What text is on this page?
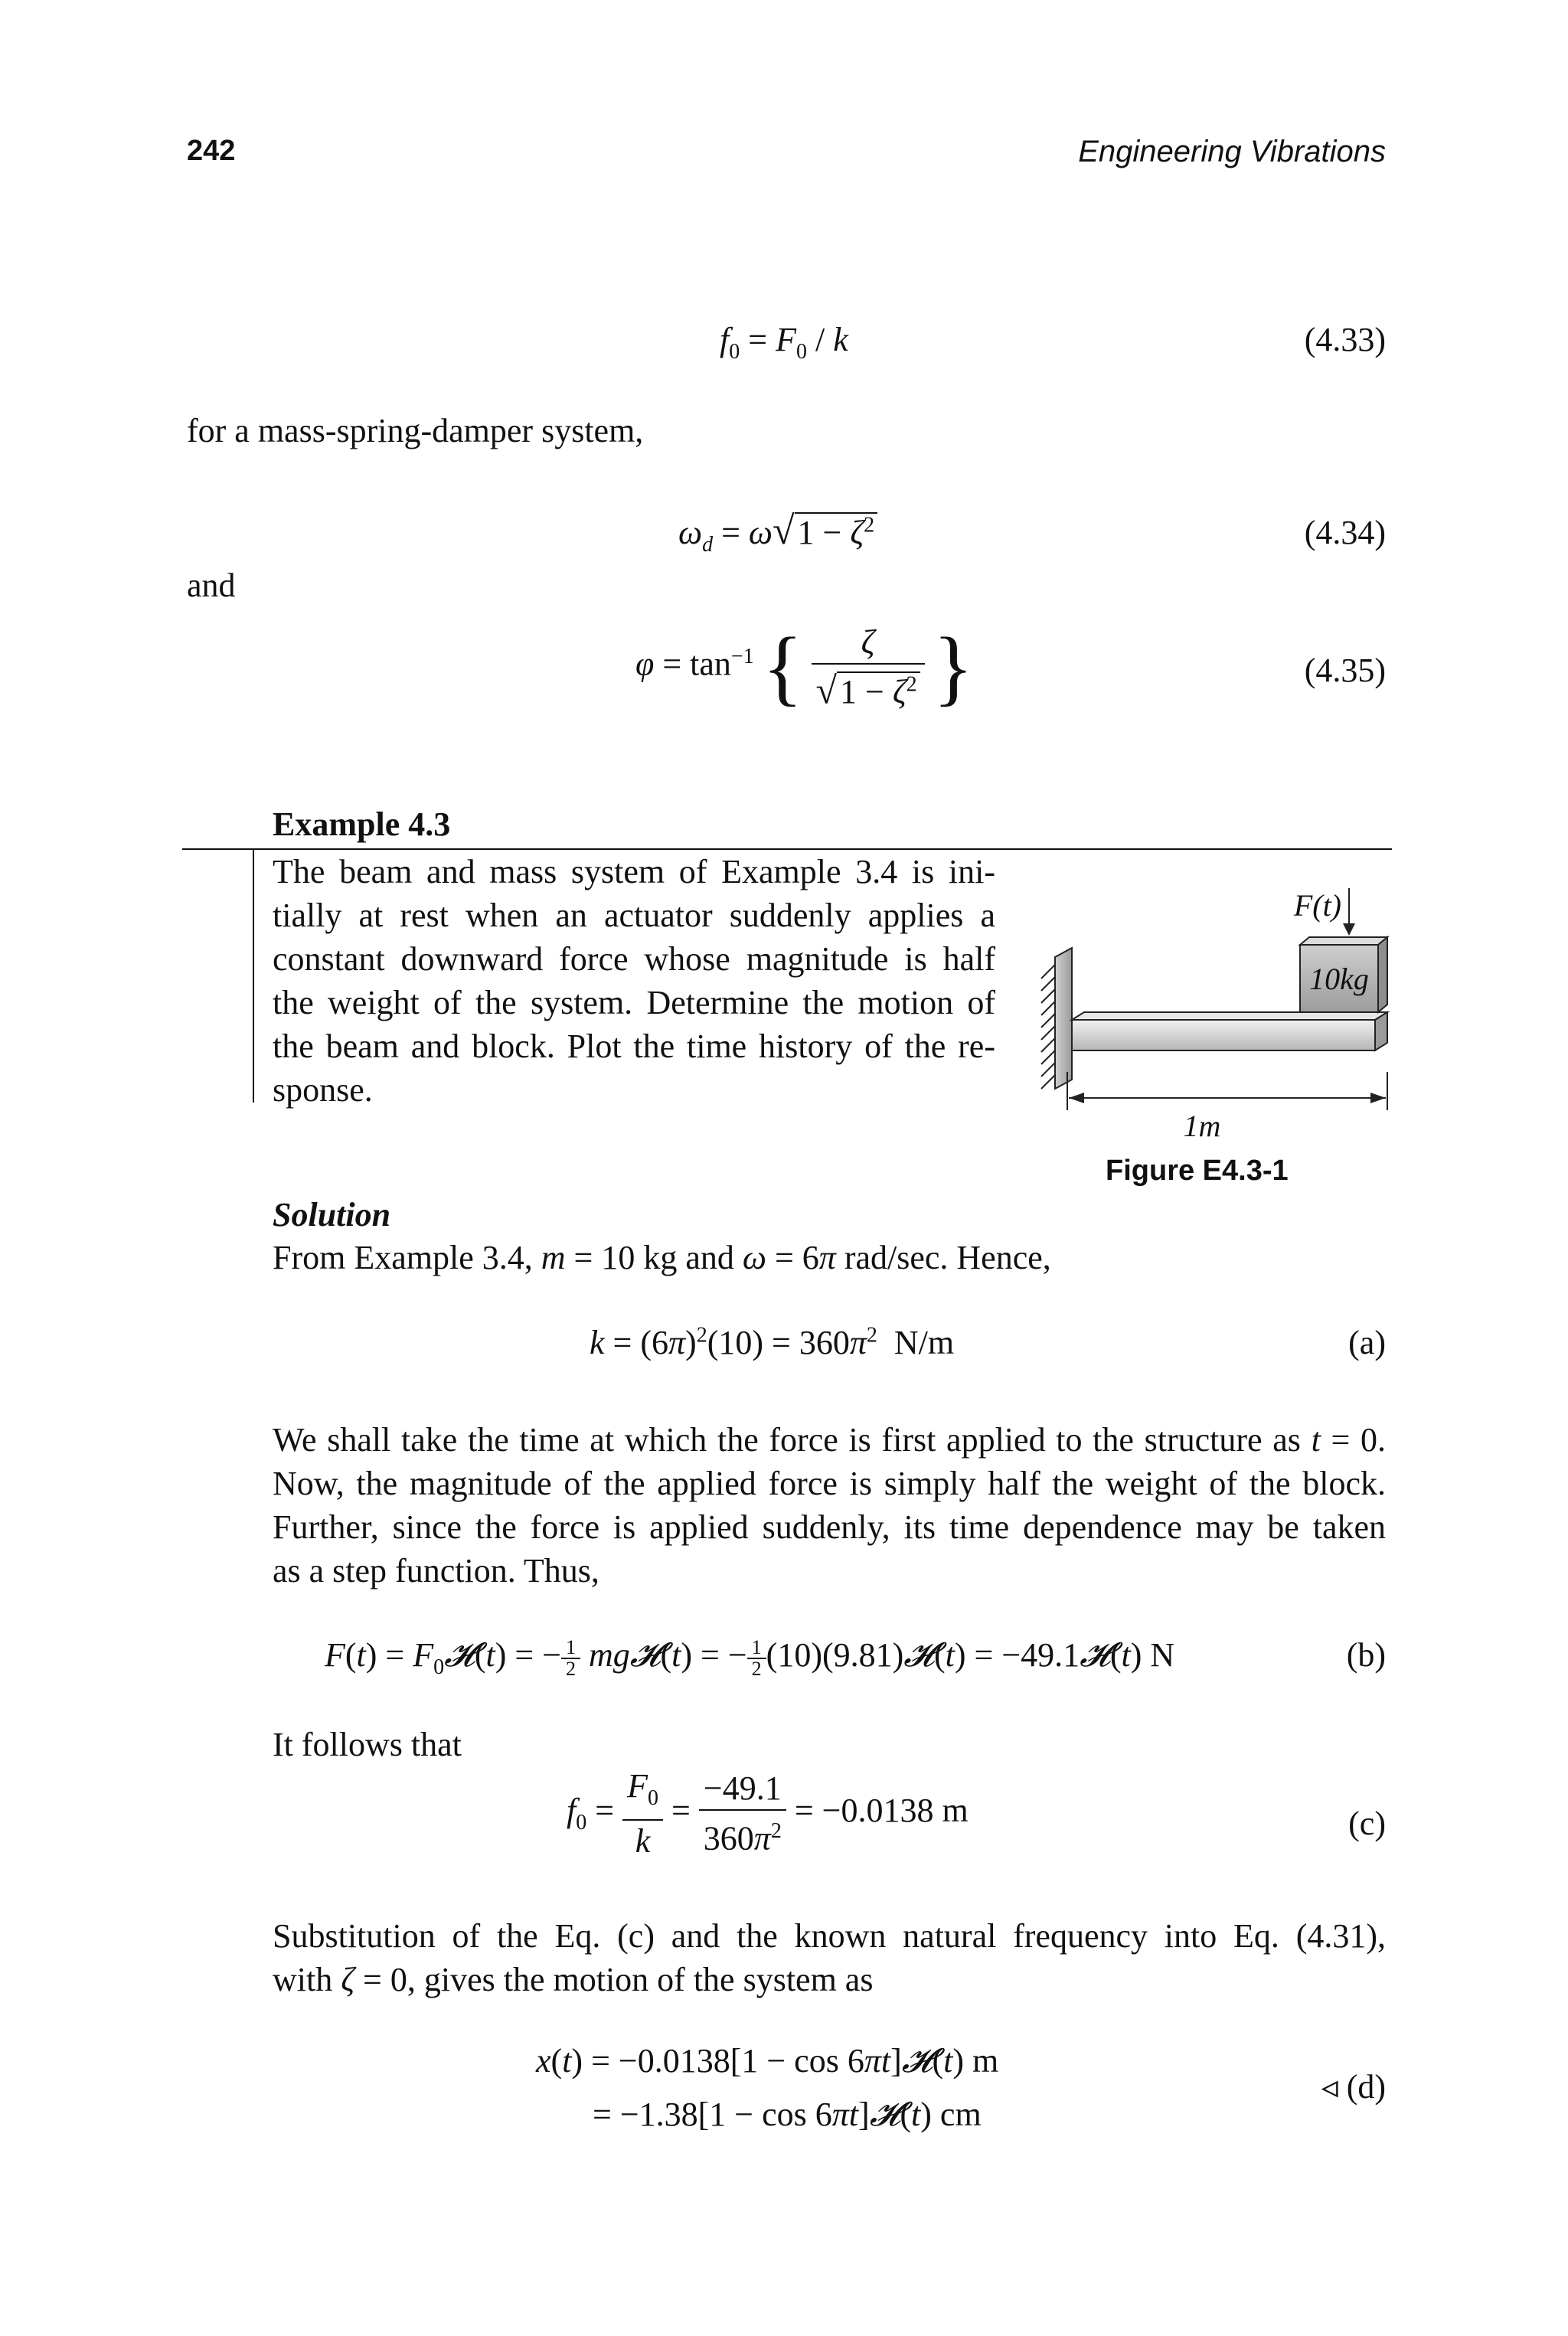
242	Engineering Vibrations
$f_0 = F_0 / k$	(4.33)
for a mass-spring-damper system,
$\omega_d = \omega√1 - \zeta^2$	(4.34)
and
$\varphi = \tan^{-1}$ { $\frac{\zeta}{√1 - \zeta^2}$ }	(4.35)
Example 4.3
The beam and mass system of Example 3.4 is ini-
tially at rest when an actuator suddenly applies a
constant downward force whose magnitude is half
the weight of the system. Determine the motion of
the beam and block. Plot the time history of the re-
sponse.
10kg
F(t)
1m
Figure E4.3-1
Solution
From Example 3.4, m = 10 kg and ω = 6π rad/sec. Hence,
$k = (6\pi)^2(10) = 360\pi^2$  N/m	(a)
We shall take the time at which the force is first applied to the structure as t = 0.
Now, the magnitude of the applied force is simply half the weight of the block.
Further, since the force is applied suddenly, its time dependence may be taken
as a step function. Thus,
$F(t) = F_0𝓗(t)$ = − $\frac{1}{2}$ mg𝓗(t) = − $\frac{1}{2}$ (10)(9.81)𝓗(t) = −49.1𝓗(t) N	(b)
It follows that
$f_0 = \frac{F_0}{k} = \frac{-49.1}{360\pi^2} = -0.0138$ m	(c)
Substitution of the Eq. (c) and the known natural frequency into Eq. (4.31),
with ζ = 0, gives the motion of the system as
x(t) = −0.0138[1 − cos 6πt]𝓗(t) m
= −1.38[1 − cos 6πt]𝓗(t) cm
◃ (d)
